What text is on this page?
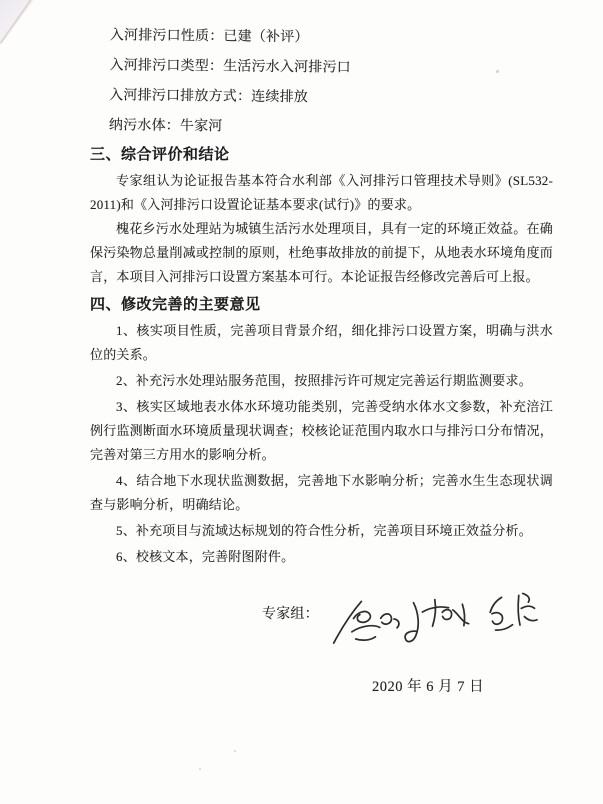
入河排污口性质：已建（补评）
入河排污口类型：生活污水入河排污口
入河排污口排放方式：连续排放
纳污水体：牛家河
三、综合评价和结论

专家组认为论证报告基本符合水利部《入河排污口管理技术导则》(SL532-2011)和《入河排污口设置论证基本要求(试行)》的要求。

槐花乡污水处理站为城镇生活污水处理项目，具有一定的环境正效益。在确保污染物总量削减或控制的原则，杜绝事故排放的前提下，从地表水环境角度而言，本项目入河排污口设置方案基本可行。本论证报告经修改完善后可上报。

四、修改完善的主要意见

1、核实项目性质，完善项目背景介绍，细化排污口设置方案，明确与洪水位的关系。

2、补充污水处理站服务范围，按照排污许可规定完善运行期监测要求。

3、核实区域地表水体水环境功能类别，完善受纳水体水文参数，补充涪江例行监测断面水环境质量现状调查；校核论证范围内取水口与排污口分布情况，完善对第三方用水的影响分析。

4、结合地下水现状监测数据，完善地下水影响分析；完善水生生态现状调查与影响分析，明确结论。

5、补充项目与流域达标规划的符合性分析，完善项目环境正效益分析。

6、校核文本，完善附图附件。

专家组：
2020 年 6 月 7 日
